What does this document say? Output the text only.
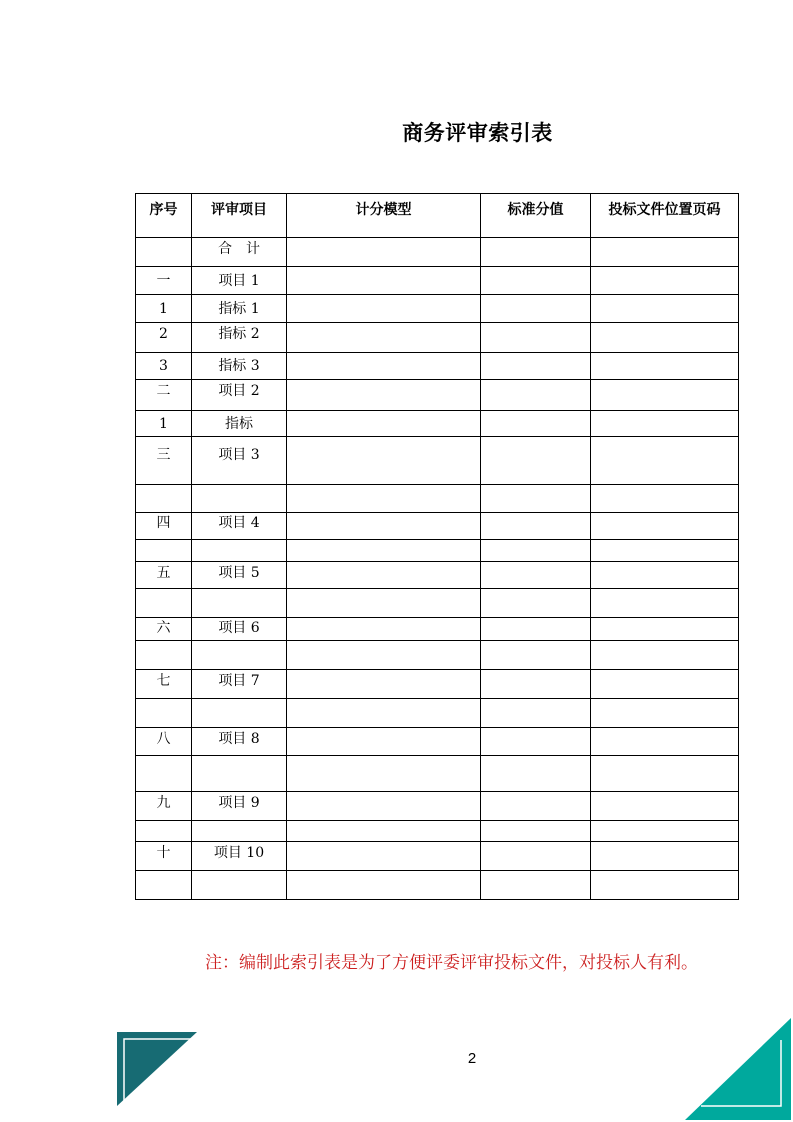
商务评审索引表
序号	评审项目	计分模型	标准分值	投标文件位置页码
	合　计			
一	项目 1			
1	指标 1			
2	指标 2			
3	指标 3			
二	项目 2			
1	指标			
三	项目 3			

四	项目 4			

五	项目 5			

六	项目 6			

七	项目 7			

八	项目 8			

九	项目 9			

十	项目 10			

注：编制此索引表是为了方便评委评审投标文件，对投标人有利。
2
